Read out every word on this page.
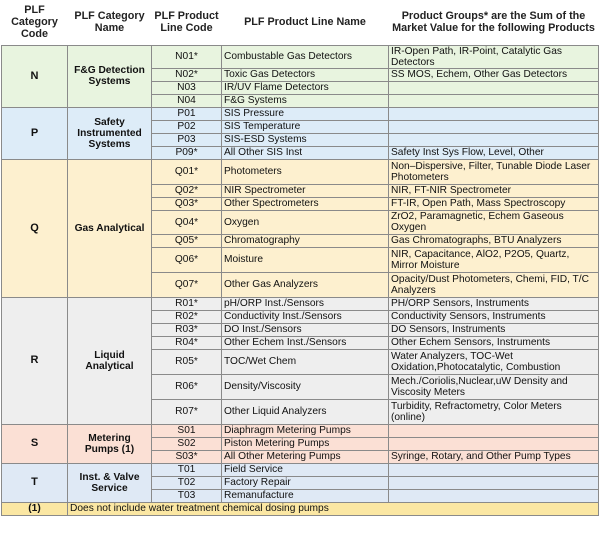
PLF Category Code	PLF Category Name	PLF Product Line Code	PLF Product Line Name	Product Groups* are the Sum of the Market Value for the following Products
N	F&G Detection Systems	N01*	Combustable Gas Detectors	IR-Open Path, IR-Point, Catalytic Gas Detectors
		N02*	Toxic Gas Detectors	SS MOS, Echem, Other Gas Detectors
		N03	IR/UV Flame Detectors	
		N04	F&G Systems	
P	Safety Instrumented Systems	P01	SIS Pressure	
		P02	SIS Temperature	
		P03	SIS-ESD Systems	
		P09*	All Other SIS Inst	Safety Inst Sys Flow, Level, Other
Q	Gas Analytical	Q01*	Photometers	Non–Dispersive, Filter, Tunable Diode Laser Photometers
		Q02*	NIR Spectrometer	NIR, FT-NIR Spectrometer
		Q03*	Other Spectrometers	FT-IR, Open Path, Mass Spectroscopy
		Q04*	Oxygen	ZrO2, Paramagnetic, Echem Gaseous Oxygen
		Q05*	Chromatography	Gas Chromatographs, BTU Analyzers
		Q06*	Moisture	NIR, Capacitance, AlO2, P2O5, Quartz, Mirror Moisture
		Q07*	Other Gas Analyzers	Opacity/Dust Photometers, Chemi, FID, T/C Analyzers
R	Liquid Analytical	R01*	pH/ORP Inst./Sensors	PH/ORP Sensors, Instruments
		R02*	Conductivity Inst./Sensors	Conductivity Sensors, Instruments
		R03*	DO Inst./Sensors	DO Sensors, Instruments
		R04*	Other Echem Inst./Sensors	Other Echem Sensors, Instruments
		R05*	TOC/Wet Chem	Water Analyzers, TOC-Wet Oxidation,Photocatalytic, Combustion
		R06*	Density/Viscosity	Mech./Coriolis,Nuclear,uW Density and Viscosity Meters
		R07*	Other Liquid Analyzers	Turbidity, Refractometry, Color Meters (online)
S	Metering Pumps (1)	S01	Diaphragm Metering Pumps	
		S02	Piston Metering Pumps	
		S03*	All Other Metering Pumps	Syringe, Rotary, and Other Pump Types
T	Inst. & Valve Service	T01	Field Service	
		T02	Factory Repair	
		T03	Remanufacture	
(1)	Does not include water treatment chemical dosing pumps			
